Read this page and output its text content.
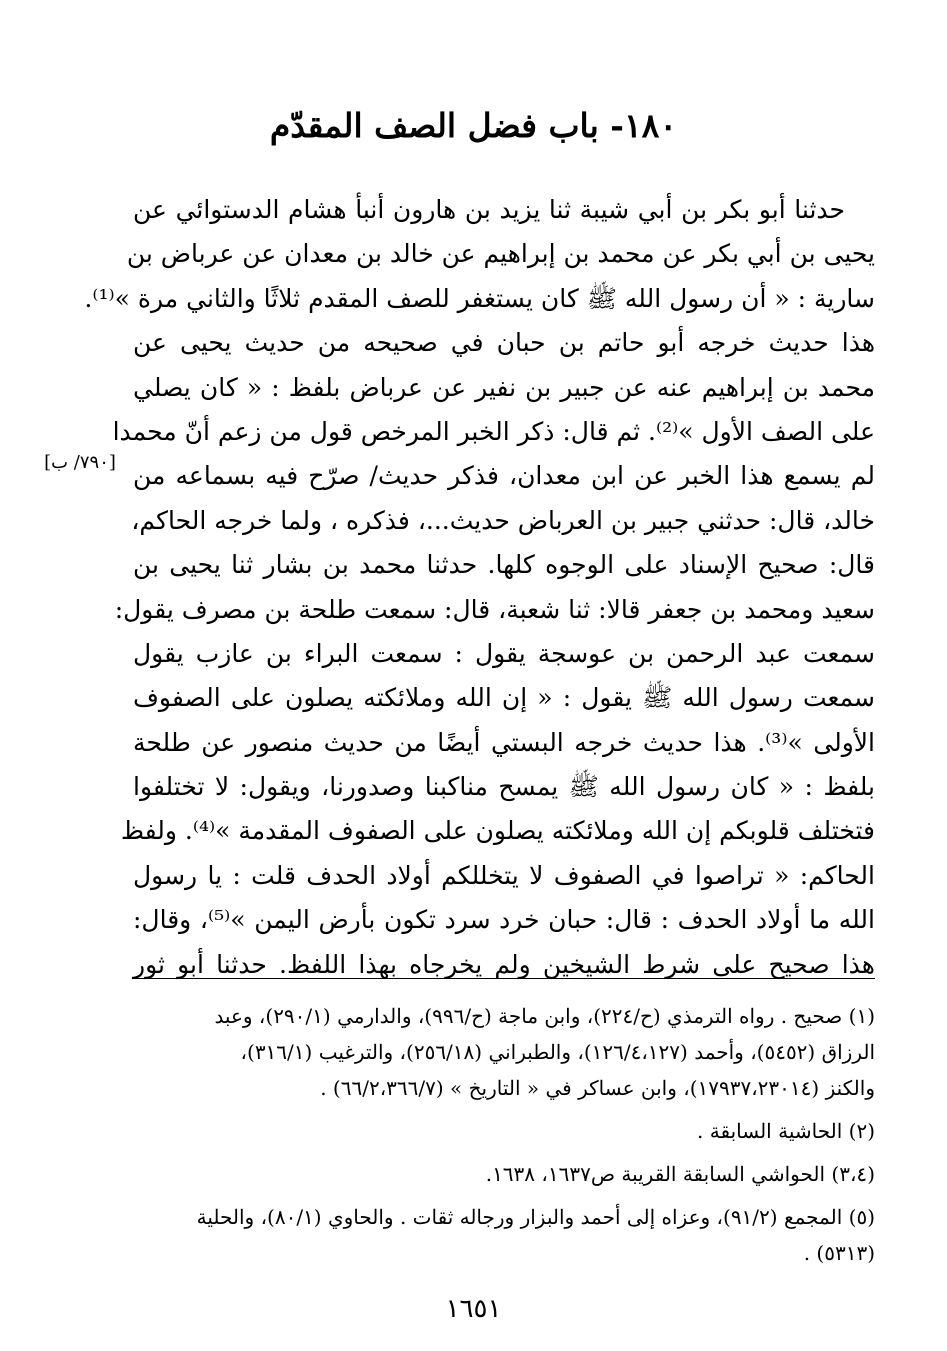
١٨٠- باب فضل الصف المقدّم
حدثنا أبو بكر بن أبي شيبة ثنا يزيد بن هارون أنبأ هشام الدستوائي عن
يحيى بن أبي بكر عن محمد بن إبراهيم عن خالد بن معدان عن عرباض بن
سارية : « أن رسول الله ﷺ كان يستغفر للصف المقدم ثلاثًا والثاني مرة »⁽¹⁾.
هذا حديث خرجه أبو حاتم بن حبان في صحيحه من حديث يحيى عن
محمد بن إبراهيم عنه عن جبير بن نفير عن عرباض بلفظ : « كان يصلي
على الصف الأول »⁽²⁾. ثم قال: ذكر الخبر المرخص قول من زعم أنّ محمدا
لم يسمع هذا الخبر عن ابن معدان، فذكر حديث/ صرّح فيه بسماعه من
خالد، قال: حدثني جبير بن العرباض حديث...، فذكره ، ولما خرجه الحاكم،
قال: صحيح الإسناد على الوجوه كلها. حدثنا محمد بن بشار ثنا يحيى بن
سعيد ومحمد بن جعفر قالا: ثنا شعبة، قال: سمعت طلحة بن مصرف يقول:
سمعت عبد الرحمن بن عوسجة يقول : سمعت البراء بن عازب يقول
سمعت رسول الله ﷺ يقول : « إن الله وملائكته يصلون على الصفوف
الأولى »⁽³⁾. هذا حديث خرجه البستي أيضًا من حديث منصور عن طلحة
بلفظ : « كان رسول الله ﷺ يمسح مناكبنا وصدورنا، ويقول: لا تختلفوا
فتختلف قلوبكم إن الله وملائكته يصلون على الصفوف المقدمة »⁽⁴⁾. ولفظ
الحاكم: « تراصوا في الصفوف لا يتخللكم أولاد الحدف قلت : يا رسول
الله ما أولاد الحدف : قال: حبان خرد سرد تكون بأرض اليمن »⁽⁵⁾، وقال:
هذا صحيح على شرط الشيخين ولم يخرجاه بهذا اللفظ. حدثنا أبو ثور
[٧٩٠/ ب]
(١) صحيح . رواه الترمذي (ح/٢٢٤)، وابن ماجة (ح/٩٩٦)، والدارمي (٢٩٠/١)، وعبد
الرزاق (٥٤٥٢)، وأحمد (١٢٦/٤،١٢٧)، والطبراني (٢٥٦/١٨)، والترغيب (٣١٦/١)،
والكنز (١٧٩٣٧،٢٣٠١٤)، وابن عساكر في « التاريخ » (٦٦/٢،٣٦٦/٧) .
(٢) الحاشية السابقة .
(٣،٤) الحواشي السابقة القريبة ص١٦٣٧، ١٦٣٨.
(٥) المجمع (٩١/٢)، وعزاه إلى أحمد والبزار ورجاله ثقات . والحاوي (٨٠/١)، والحلية
(٥٣١٣) .
١٦٥١
